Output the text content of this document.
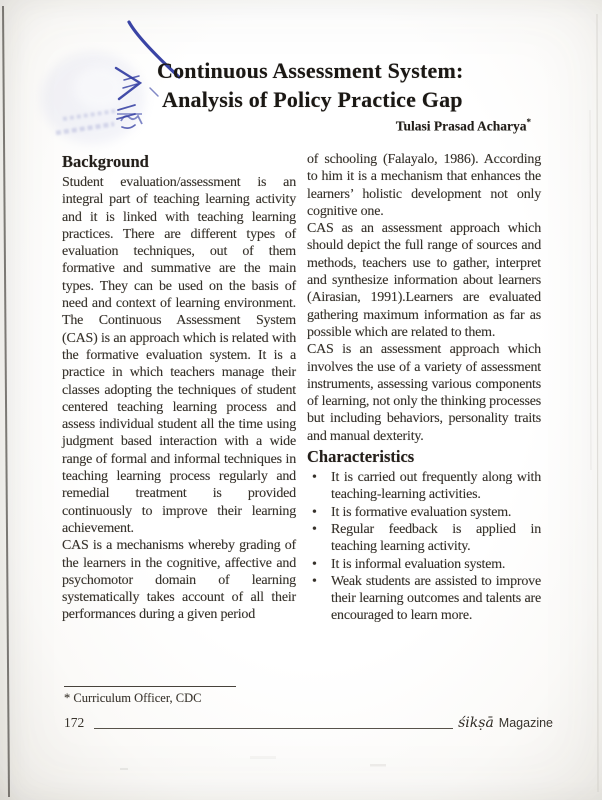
Continuous Assessment System:
Analysis of Policy Practice Gap
Tulasi Prasad Acharya*
Background

Student evaluation/assessment is an integral part of teaching learning activity and it is linked with teaching learning practices. There are different types of evaluation techniques, out of them formative and summative are the main types. They can be used on the basis of need and context of learning environment. The Continuous Assessment System (CAS) is an approach which is related with the formative evaluation system. It is a practice in which teachers manage their classes adopting the techniques of student centered teaching learning process and assess individual student all the time using judgment based interaction with a wide range of formal and informal techniques in teaching learning process regularly and remedial treatment is provided continuously to improve their learning achievement.

CAS is a mechanisms whereby grading of the learners in the cognitive, affective and psychomotor domain of learning systematically takes account of all their performances during a given period

of schooling (Falayalo, 1986). According to him it is a mechanism that enhances the learners’ holistic development not only cognitive one.

CAS as an assessment approach which should depict the full range of sources and methods, teachers use to gather, interpret and synthesize information about learners (Airasian, 1991).Learners are evaluated gathering maximum information as far as possible which are related to them.

CAS is an assessment approach which involves the use of a variety of assessment instruments, assessing various components of learning, not only the thinking processes but including behaviors, personality traits and manual dexterity.

Characteristics
• It is carried out frequently along with teaching-learning activities.
• It is formative evaluation system.
• Regular feedback is applied in teaching learning activity.
• It is informal evaluation system.
• Weak students are assisted to improve their learning outcomes and talents are encouraged to learn more.
* Curriculum Officer, CDC
172	śikṣā Magazine
